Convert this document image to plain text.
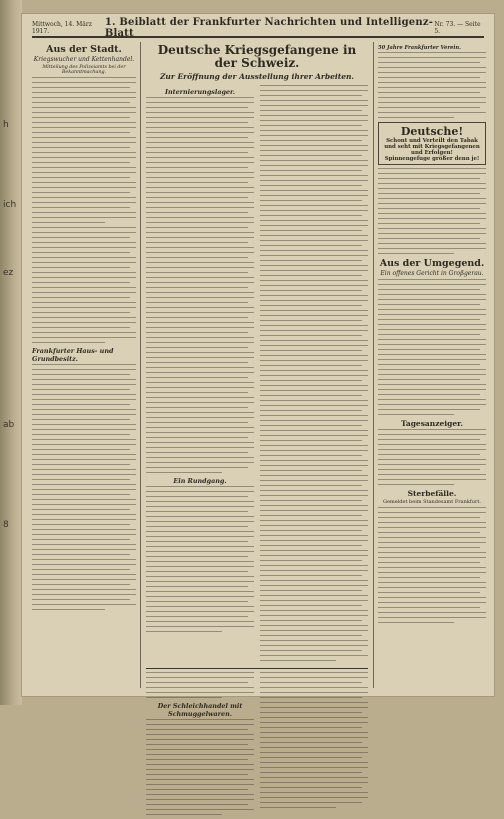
h
ich
ez
ab
8
Mittwoch, 14. März 1917.
1. Beiblatt der Frankfurter Nachrichten und Intelligenz-Blatt
Nr. 73. — Seite 5.
Aus der Stadt.
Kriegswucher und Kettenhandel.
Mitteilung des Polizeiamts bei der Bekanntmachung.
Frankfurter Haus- und Grundbesitz.
Deutsche Kriegsgefangene in der Schweiz.
Zur Eröffnung der Ausstellung ihrer Arbeiten.
Internierungslager.
Ein Rundgang.
Der Schleichhandel mit Schmuggelwaren.
50 Jahre Frankfurter Verein.
Deutsche!
Schont und Verteilt den Tabak und seht mit Kriegsgefangenen und Erfolgen!
Spinnengefuge größer denn je!
Aus der Umgegend.
Ein offenes Gericht in Großgerau.
Tagesanzeiger.
Sterbefälle.
Gemeldet beim Standesamt Frankfurt.
